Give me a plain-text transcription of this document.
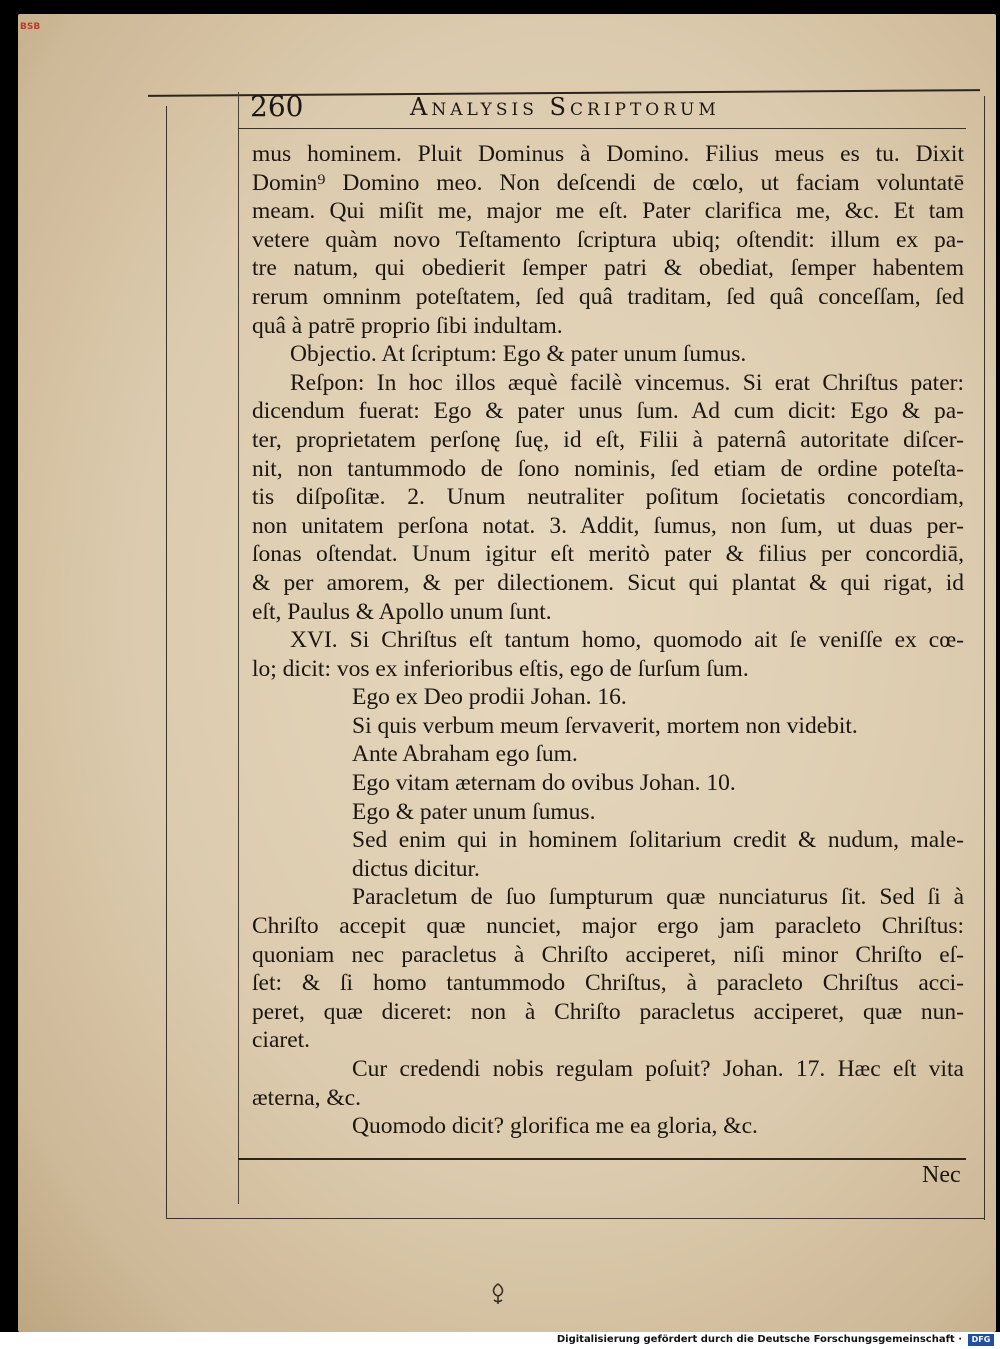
BSB
260	Analysis Scriptorum
mus hominem. Pluit Dominus à Domino. Filius meus es tu. Dixit
Domin⁹ Domino meo. Non deſcendi de cœlo, ut faciam voluntatē
meam. Qui miſit me, major me eſt. Pater clarifica me, &c. Et tam
vetere quàm novo Teſtamento ſcriptura ubiq; oſtendit: illum ex pa-
tre natum, qui obedierit ſemper patri & obediat, ſemper habentem
rerum omninm poteſtatem, ſed quâ traditam, ſed quâ conceſſam, ſed
quâ à patrē proprio ſibi indultam.
Objectio. At ſcriptum: Ego & pater unum ſumus.
Reſpon: In hoc illos æquè facilè vincemus. Si erat Chriſtus pater:
dicendum fuerat: Ego & pater unus ſum. Ad cum dicit: Ego & pa-
ter, proprietatem perſonę ſuę, id eſt, Filii à paternâ autoritate diſcer-
nit, non tantummodo de ſono nominis, ſed etiam de ordine poteſta-
tis diſpoſitæ. 2. Unum neutraliter poſitum ſocietatis concordiam,
non unitatem perſona notat. 3. Addit, ſumus, non ſum, ut duas per-
ſonas oſtendat. Unum igitur eſt meritò pater & filius per concordiā,
& per amorem, & per dilectionem. Sicut qui plantat & qui rigat, id
eſt, Paulus & Apollo unum ſunt.
XVI. Si Chriſtus eſt tantum homo, quomodo ait ſe veniſſe ex cœ-
lo; dicit: vos ex inferioribus eſtis, ego de ſurſum ſum.
Ego ex Deo prodii Johan. 16.
Si quis verbum meum ſervaverit, mortem non videbit.
Ante Abraham ego ſum.
Ego vitam æternam do ovibus Johan. 10.
Ego & pater unum ſumus.
Sed enim qui in hominem ſolitarium credit & nudum, male-
dictus dicitur.
Paracletum de ſuo ſumpturum quæ nunciaturus ſit. Sed ſi à
Chriſto accepit quæ nunciet, major ergo jam paracleto Chriſtus:
quoniam nec paracletus à Chriſto acciperet, niſi minor Chriſto eſ-
ſet: & ſi homo tantummodo Chriſtus, à paracleto Chriſtus acci-
peret, quæ diceret: non à Chriſto paracletus acciperet, quæ nun-
ciaret.
Cur credendi nobis regulam poſuit? Johan. 17. Hæc eſt vita
æterna, &c.
Quomodo dicit? glorifica me ea gloria, &c.
Nec
Digitalisierung gefördert durch die Deutsche Forschungsgemeinschaft ·	DFG
